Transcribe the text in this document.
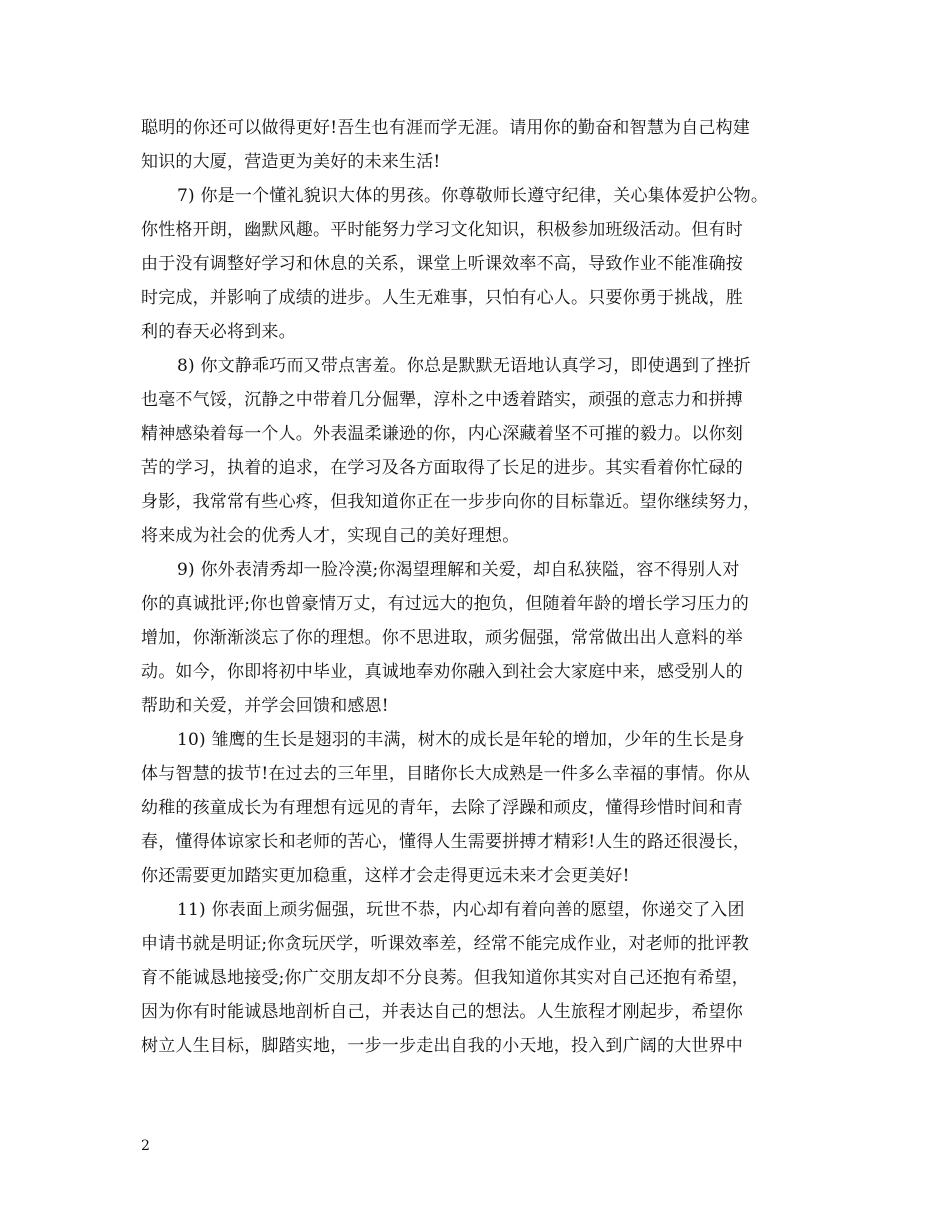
聪明的你还可以做得更好!吾生也有涯而学无涯。请用你的勤奋和智慧为自己构建
知识的大厦，营造更为美好的未来生活!
7) 你是一个懂礼貌识大体的男孩。你尊敬师长遵守纪律，关心集体爱护公物。
你性格开朗，幽默风趣。平时能努力学习文化知识，积极参加班级活动。但有时
由于没有调整好学习和休息的关系，课堂上听课效率不高，导致作业不能准确按
时完成，并影响了成绩的进步。人生无难事，只怕有心人。只要你勇于挑战，胜
利的春天必将到来。
8) 你文静乖巧而又带点害羞。你总是默默无语地认真学习，即使遇到了挫折
也毫不气馁，沉静之中带着几分倔犟，淳朴之中透着踏实，顽强的意志力和拼搏
精神感染着每一个人。外表温柔谦逊的你，内心深藏着坚不可摧的毅力。以你刻
苦的学习，执着的追求，在学习及各方面取得了长足的进步。其实看着你忙碌的
身影，我常常有些心疼，但我知道你正在一步步向你的目标靠近。望你继续努力，
将来成为社会的优秀人才，实现自己的美好理想。
9) 你外表清秀却一脸冷漠;你渴望理解和关爱，却自私狭隘，容不得别人对
你的真诚批评;你也曾豪情万丈，有过远大的抱负，但随着年龄的增长学习压力的
增加，你渐渐淡忘了你的理想。你不思进取，顽劣倔强，常常做出出人意料的举
动。如今，你即将初中毕业，真诚地奉劝你融入到社会大家庭中来，感受别人的
帮助和关爱，并学会回馈和感恩!
10) 雏鹰的生长是翅羽的丰满，树木的成长是年轮的增加，少年的生长是身
体与智慧的拔节!在过去的三年里，目睹你长大成熟是一件多么幸福的事情。你从
幼稚的孩童成长为有理想有远见的青年，去除了浮躁和顽皮，懂得珍惜时间和青
春，懂得体谅家长和老师的苦心，懂得人生需要拼搏才精彩!人生的路还很漫长，
你还需要更加踏实更加稳重，这样才会走得更远未来才会更美好!
11) 你表面上顽劣倔强，玩世不恭，内心却有着向善的愿望，你递交了入团
申请书就是明证;你贪玩厌学，听课效率差，经常不能完成作业，对老师的批评教
育不能诚恳地接受;你广交朋友却不分良莠。但我知道你其实对自己还抱有希望，
因为你有时能诚恳地剖析自己，并表达自己的想法。人生旅程才刚起步，希望你
树立人生目标，脚踏实地，一步一步走出自我的小天地，投入到广阔的大世界中
2
